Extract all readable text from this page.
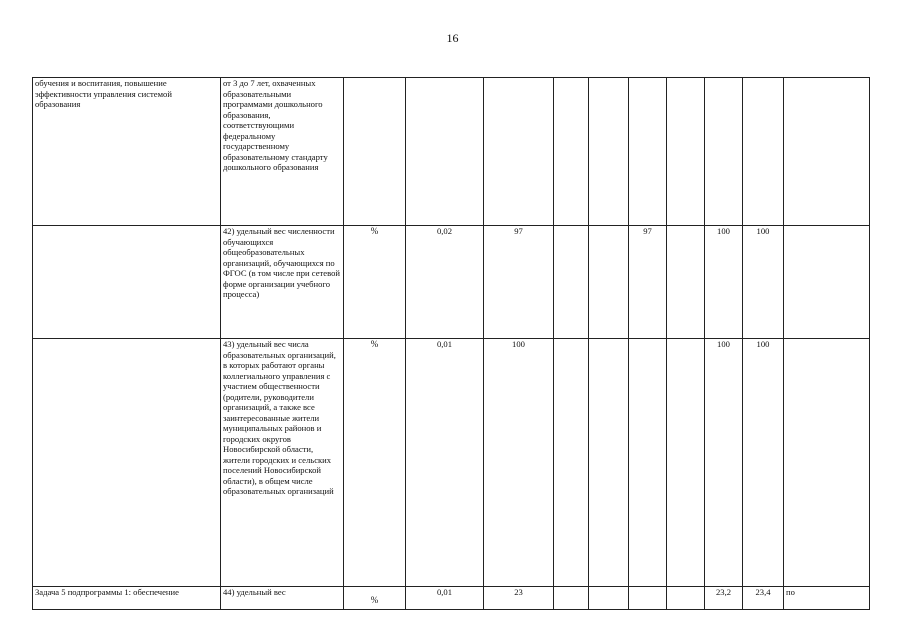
16
обучения и воспитания, повышение эффективности управления системой образования	от 3 до 7 лет, охваченных образовательными программами дошкольного образования, соответствующими федеральному государственному образовательному стандарту дошкольного образования										
	42) удельный вес численности обучающихся общеобразовательных организаций, обучающихся по ФГОС (в том числе при сетевой форме организации учебного процесса)	%	0,02	97			97		100	100	
	43) удельный вес числа образовательных организаций, в которых работают органы коллегиального управления с участием общественности (родители, руководители организаций, а также все заинтересованные жители муниципальных районов и городских округов Новосибирской области, жители городских и сельских поселений Новосибирской области), в общем числе образовательных организаций	%	0,01	100					100	100	
Задача 5 подпрограммы 1: обеспечение	44) удельный вес	%	0,01	23					23,2	23,4	по
